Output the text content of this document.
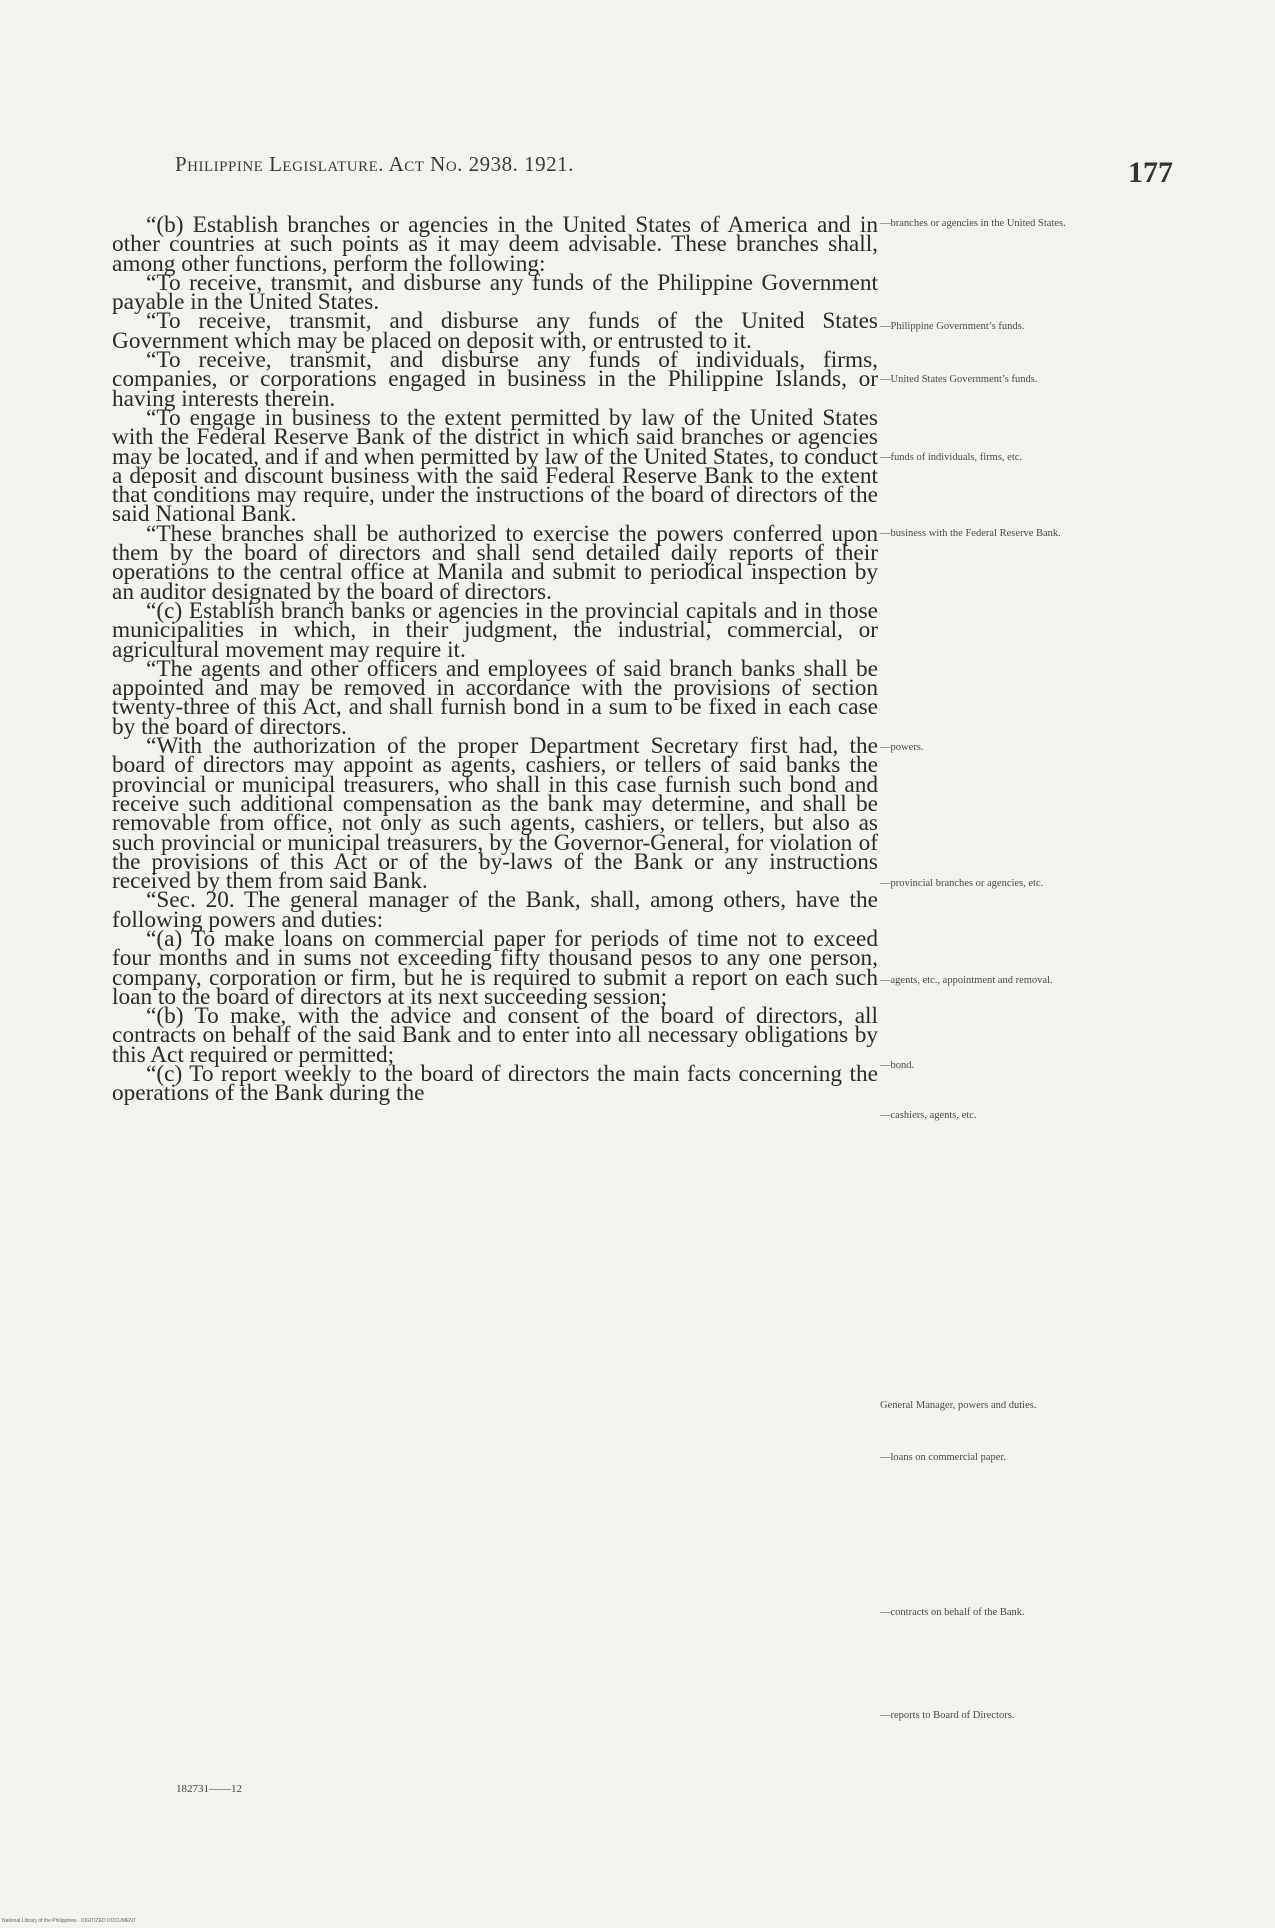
Philippine Legislature. Act No. 2938. 1921.	177

“(b) Establish branches or agencies in the United States of America and in other countries at such points as it may deem advisable. These branches shall, among other functions, perform the following:

“To receive, transmit, and disburse any funds of the Philippine Government payable in the United States.

“To receive, transmit, and disburse any funds of the United States Government which may be placed on deposit with, or entrusted to it.

“To receive, transmit, and disburse any funds of individuals, firms, companies, or corporations engaged in business in the Philippine Islands, or having interests therein.

“To engage in business to the extent permitted by law of the United States with the Federal Reserve Bank of the district in which said branches or agencies may be located, and if and when permitted by law of the United States, to conduct a deposit and discount business with the said Federal Reserve Bank to the extent that conditions may require, under the instructions of the board of directors of the said National Bank.

“These branches shall be authorized to exercise the powers conferred upon them by the board of directors and shall send detailed daily reports of their operations to the central office at Manila and submit to periodical inspection by an auditor designated by the board of directors.

“(c) Establish branch banks or agencies in the provincial capitals and in those municipalities in which, in their judgment, the industrial, commercial, or agricultural movement may require it.

“The agents and other officers and employees of said branch banks shall be appointed and may be removed in accordance with the provisions of section twenty-three of this Act, and shall furnish bond in a sum to be fixed in each case by the board of directors.

“With the authorization of the proper Department Secretary first had, the board of directors may appoint as agents, cashiers, or tellers of said banks the provincial or municipal treasurers, who shall in this case furnish such bond and receive such additional compensation as the bank may determine, and shall be removable from office, not only as such agents, cashiers, or tellers, but also as such provincial or municipal treasurers, by the Governor-General, for violation of the provisions of this Act or of the by-laws of the Bank or any instructions received by them from said Bank.

“Sec. 20. The general manager of the Bank, shall, among others, have the following powers and duties:

“(a) To make loans on commercial paper for periods of time not to exceed four months and in sums not exceeding fifty thousand pesos to any one person, company, corporation or firm, but he is required to submit a report on each such loan to the board of directors at its next succeeding session;

“(b) To make, with the advice and consent of the board of directors, all contracts on behalf of the said Bank and to enter into all necessary obligations by this Act required or permitted;

“(c) To report weekly to the board of directors the main facts concerning the operations of the Bank during the

—branches or agencies in the United States.
—Philippine Government’s funds.
—United States Government’s funds.
—funds of individuals, firms, etc.
—business with the Federal Reserve Bank.
—powers.
—provincial branches or agencies, etc.
—agents, etc., appointment and removal.
—bond.
—cashiers, agents, etc.
General Manager, powers and duties.
—loans on commercial paper.
—contracts on behalf of the Bank.
—reports to Board of Directors.
182731——12
National Library of the Philippines · DIGITIZED DOCUMENT
